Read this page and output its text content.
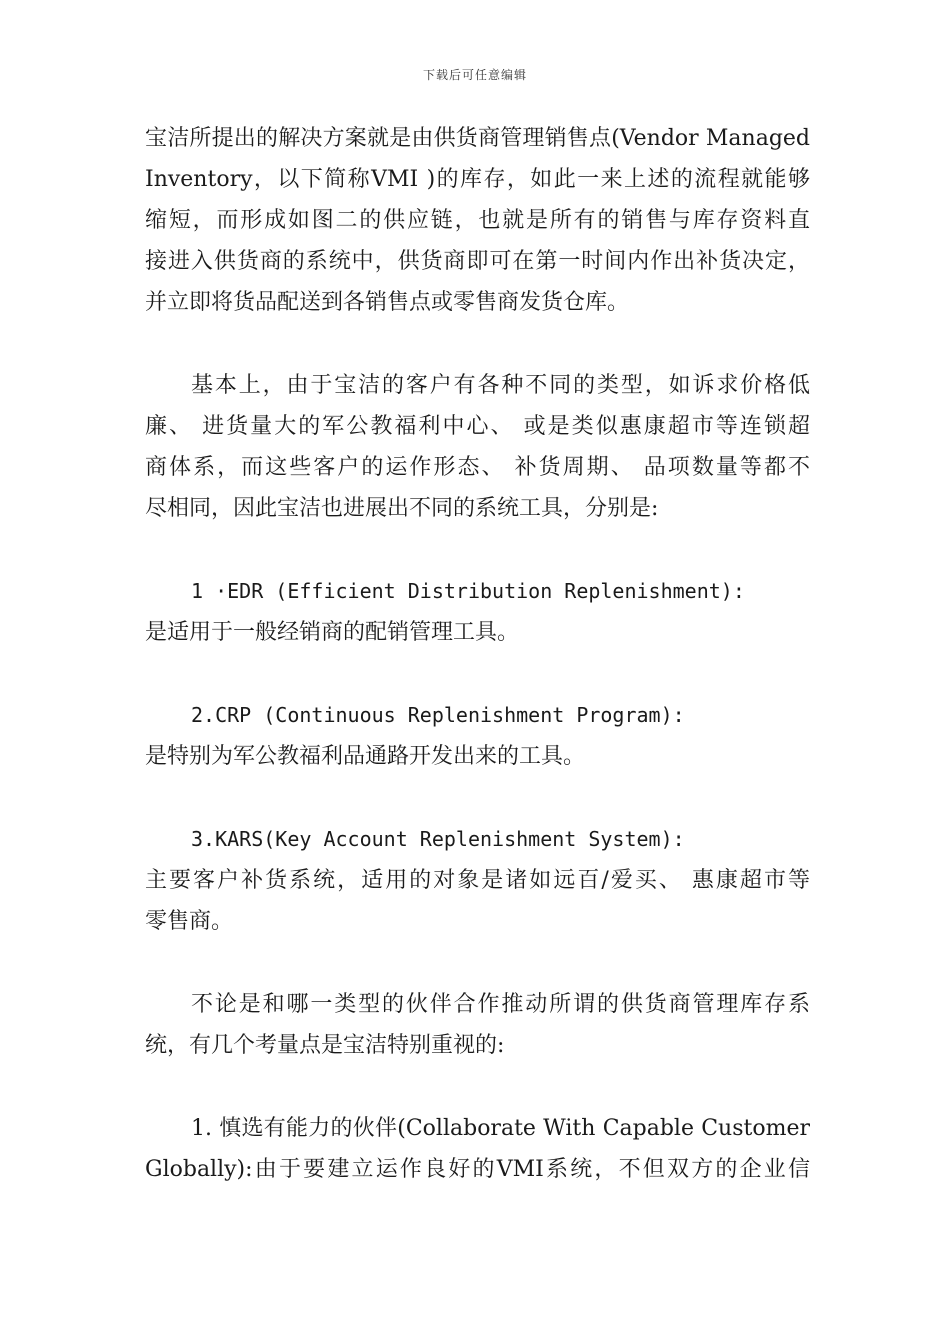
下载后可任意编辑
宝洁所提出的解决方案就是由供货商管理销售点(Vendor Managed
Inventory，以下简称VMI )的库存，如此一来上述的流程就能够
缩短，而形成如图二的供应链，也就是所有的销售与库存资料直
接进入供货商的系统中，供货商即可在第一时间内作出补货决定，
并立即将货品配送到各销售点或零售商发货仓库。
基本上，由于宝洁的客户有各种不同的类型，如诉求价格低
廉、 进货量大的军公教福利中心、 或是类似惠康超市等连锁超
商体系，而这些客户的运作形态、 补货周期、 品项数量等都不
尽相同，因此宝洁也进展出不同的系统工具，分别是:
1 ·EDR (Efficient Distribution Replenishment):
是适用于一般经销商的配销管理工具。
2.CRP (Continuous Replenishment Program):
是特别为军公教福利品通路开发出来的工具。
3.KARS(Key Account Replenishment System):
主要客户补货系统，适用的对象是诸如远百/爱买、 惠康超市等
零售商。
不论是和哪一类型的伙伴合作推动所谓的供货商管理库存系
统，有几个考量点是宝洁特别重视的:
1. 慎选有能力的伙伴(Collaborate With Capable Customer
Globally):由于要建立运作良好的VMI系统，不但双方的企业信
